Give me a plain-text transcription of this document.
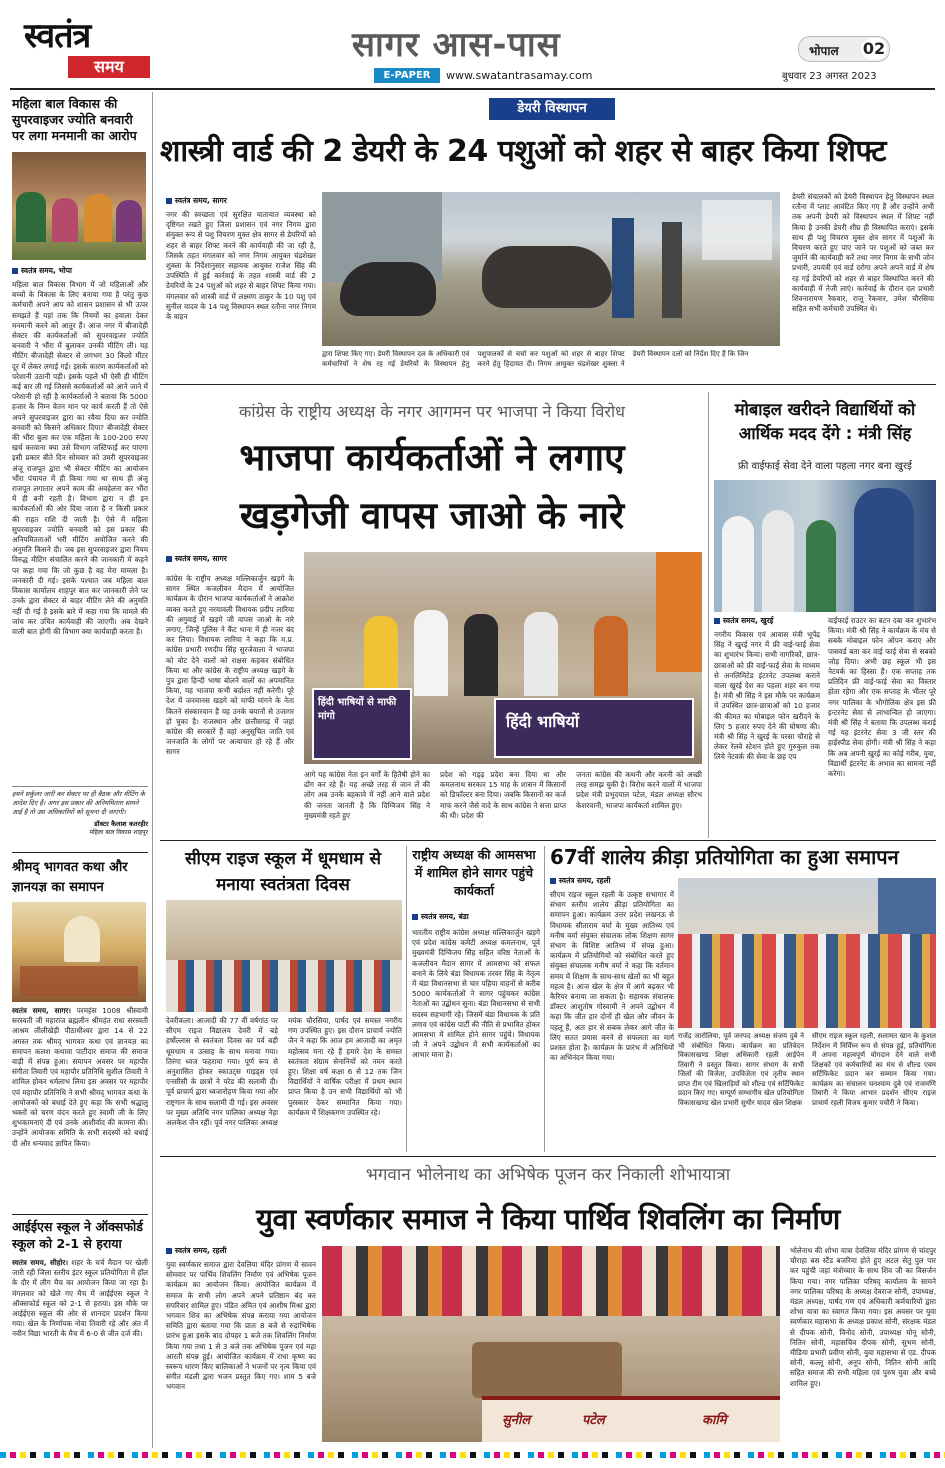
स्वतंत्र
समय
सागर आस-पास
E-PAPER	www.swatantrasamay.com
भोपाल 02
बुधवार 23 अगस्त 2023
महिला बाल विकास की सुपरवाइजर ज्योति बनवारी पर लगा मनमानी का आरोप
स्वतंत्र समय, भोपा
महिला बाल विकास विभाग में जो महिलाओं और बच्चों के विकास के लिए बनाया गया है परंतु कुछ कर्मचारी अपने आप को शासन प्रशासन से भी ऊपर समझते हैं यहां तक कि नियमों का हवाला देकर मनमानी करने को आतुर हैं। आज नगर में बीजादेही सेक्टर की कार्यकर्ताओं को सुपरवाइजर ज्योति बनवारी ने भौंरा में बुलाकर उनकी मीटिंग ली। यह मीटिंग बीजादेही सेक्टर से लगभग 30 किलो मीटर दूर में लेकर लगाई गई। इसके कारण कार्यकर्ताओं को परेशानी उठानी पड़ी। इसके पहले भी ऐसी ही मीटिंग कई बार ली गई जिससे कार्यकर्ताओं को आने जाने में परेशानी हो रही है कार्यकर्ताओं ने बताया कि 5000 हजार के निम्न वेतन मान पर कार्य करती हैं तो ऐसे अपने सुपरवाइजर द्वारा का रवैया दिया कर ज्योति बनवारी को किसने अधिकार दिया? बीजादेही सेक्टर की भौंरा बुला कर एक महिला के 100-200 रुपए खर्च करवाना क्या उसे विभाग जस्टिफाई कर पाएगा इसी प्रकार बीते दिन सोमवार को उमरी सुपरवाइजर अंजू राजपूत द्वारा भी सेक्टर मीटिंग का आयोजन भौंरा पंचायत में ही किया गया था साथ ही अंजू राजपूत लगातार अपने काम की अवहेलना कर भौंरा में ही बनी रहती है। विभाग द्वारा न ही इन कार्यकर्ताओं की ओर दिया जाता है न किसी प्रकार की राहत राशि दी जाती है। ऐसे में महिला सुपरवाइजर ज्योति बनवारी को इस प्रकार की अनियमितताओं भरी मीटिंग अयोजित करने की अनुमति किसने दी। जब इस सुपरवाइजर द्वारा नियम विरुद्ध मीटिंग संचालित करने की जानकारी में कहने पर कहा गया कि जो कुछ है वह मेरा मामला है। जनकारी दी गई। इसके पश्चात जब महिला बाल विकास कार्यालय शाहपुर बात कर जानकारी लेने पर उनके द्वारा सेक्टर से बाहर मीटिंग लेने की अनुमति नहीं दी गई है इसके बारे में कहा गया कि मामले की जांच कर उचित कार्यवाही की जाएगी। अब देखने वाली बात होगी की विभाग क्या कार्यवाही करता है।
हमने सर्कुलर जारी कर सेक्टर पर ही बैठक और मीटिंग के आदेश दिए हैं। अगर इस प्रकार की अनियमितता सामने आई है तो उस अधिकारियों को सूचना दी जाएगी।
डॉक्टर कैलाश कतरहीर
महिला बाल विकास शाहपुर
श्रीमद् भागवत कथा और ज्ञानयज्ञ का समापन
स्वतंत्र समय, सागर। परमहंस 1008 श्रीस्वामी सरस्वती जी महाराज ब्रह्मलीन श्रीमहंत राधा सरस्वती आश्रम लीलीखेड़ी पीठाधीश्वर द्वारा 14 से 22 अगस्त तक श्रीमद् भागवत कथा एवं ज्ञानयज्ञ का समापन कलश कथावा पाटीदार समाज की समाज वाड़ी में संपन्न हुआ। समापन अवसर पर महापौर संगीता तिवारी एवं महापौर प्रतिनिधि सुशील तिवारी ने शामिल होकर धर्मलाभ लिया इस अवसर पर महापौर एवं महापौर प्रतिनिधि ने सभी श्रीमद् भागवत कथा के आयोजकों को बधाई देते हुए कहा कि सभी श्रद्धालु भक्तों को चरण वंदन करते हुए स्वामी जी के लिए शुभकामनाएं दी एवं उनके आशीर्वाद की कामना की। उन्होंने आयोजक समिति के सभी सदस्यों को बधाई दी और धन्यवाद ज्ञापित किया।
आईईएस स्कूल ने ऑक्सफोर्ड स्कूल को 2-1 से हराया
स्वतंत्र समय, सीहोर। शहर के चर्च मैदान पर खेली जारी रही जिला स्तरीय इंटर स्कूल प्रतियोगिता में हॉल के दौर में लीग मैच का आयोजन किया जा रहा है। मंगलवार को खेले गए मैच में आईईएस स्कूल ने ऑक्सफोर्ड स्कूल को 2-1 से हराया। इस मौके पर आईईएस स्कूल की ओर से शानदार प्रदर्शन किया गया। खेल के निर्णायक नोवा तिवारी रहे और अंत में नवीन विद्या भारती के मैच में 6-0 से जीत दर्ज की।
डेयरी विस्थापन
शास्त्री वार्ड की 2 डेयरी के 24 पशुओं को शहर से बाहर किया शिफ्ट
स्वतंत्र समय, सागर
नगर की स्वच्छता एवं सुरक्षित यातायात व्यवस्था को दृष्टिगत रखते हुए जिला प्रशासन एवं नगर निगम द्वारा संयुक्त रूप से पशु विचरण मुक्त क्षेत्र सागर से डेयरियों को शहर से बाहर शिफ्ट करने की कार्यवाही की जा रही है, जिसके तहत मंगलवार को नगर निगम आयुक्त चंद्रशेखर शुक्ला के निर्देशानुसार सहायक आयुक्त राजेश सिंह की उपस्थिति में हुई कार्रवाई के तहत शास्त्री वार्ड की 2 डेयरियों के 24 पशुओं को शहर से बाहर शिफ्ट किया गया। मंगलवार को शास्त्री वार्ड में लक्ष्मण ठाकुर के 10 पशु एवं सुनील यादव के 14 पशु विस्थापन स्थल रतौना नगर निगम के वाहन
द्वारा शिफ्ट किए गए। डेयरी विस्थापन दल के अधिकारी एवं कर्मचारियों ने शेष रह गई डेयरियों के विस्थापन हेतु पशुपालकों से चर्चा कर पशुओं को शहर से बाहर शिफ्ट करने हेतु हिदायत दी। निगम आयुक्त चंद्रशेखर शुक्ला ने डेयरी विस्थापन दलों को निर्देश दिए हैं कि जिन
डेयरी संचालकों को डेयरी विस्थापन हेतु विस्थापन स्थल रतौना में प्लाट आवंटित किए गए हैं और उन्होंने अभी तक अपनी डेयरी को विस्थापन स्थल में शिफ्ट नहीं किया है उनकी डेयरी शीघ्र ही विस्थापित कराएं। इसके साथ ही पशु विचरण मुक्त क्षेत्र सागर में पशुओं के विचरण करते हुए पाए जाने पर पशुओं को जब्त कर जुर्माने की कार्यवाही करें तथा नगर निगम के सभी जोन प्रभारी, उपयंत्री एवं वार्ड दरोगा अपने अपने वार्ड में शेष रह गई डेयरियों को शहर से बाहर विस्थापित करने की कार्यवाही में तेजी लाएं। कार्रवाई के दौरान दल प्रभारी शिवनारायण रैकवार, राजू रैकवार, उमेश चौरसिया सहित सभी कर्मचारी उपस्थित थे।
कांग्रेस के राष्ट्रीय अध्यक्ष के नगर आगमन पर भाजपा ने किया विरोध
भाजपा कार्यकर्ताओं ने लगाए
खड़गेजी वापस जाओ के नारे
स्वतंत्र समय, सागर
कांग्रेस के राष्ट्रीय अध्यक्ष मल्लिकार्जुन खड़गे के सागर स्थित कजलीवन मैदान में आयोजित कार्यक्रम के दौरान भाजपा कार्यकर्ताओं ने आक्रोश व्यक्त करते हुए नरयावली विधायक प्रदीप लारिया की अगुवाई में खड़गे जी वापस जाओ के नारे लगाए, जिन्हें पुलिस ने कैंट थाना में ही नजर बंद कर लिया। विधायक लारिया ने कहा कि म.प्र. कांग्रेस प्रभारी रणदीप सिंह सुरजेवाला ने भाजपा को वोट देने वालों को राक्षस कहकर संबोधित किया था और कांग्रेस के राष्ट्रीय अध्यक्ष खड़गे के पुत्र द्वारा हिन्दी भाषा बोलने वालों का अपमानित किया, यह भाजपा कभी बर्दाश्त नहीं करेगी। पूरे देश में जनमानस खड़गे को माफी मांगने के नेता कितने संस्कारवान हैं यह उनके बयानों से उजागर हो चुका है। राजस्थान और छत्तीसगढ़ में जहां कांग्रेस की सरकारें हैं वहां अनुसूचित जाति एवं जनजाति के लोगों पर अत्याचार हो रहे हैं और सागर
हिंदी भाषियों से माफी मांगो	हिंदी भाषियों
आगे यह कांग्रेस नेता इन वर्गों के हितैषी होने का ढोंग कर रहे हैं। यह अच्छे तरह से जान लें की लोग अब उनके बहकावे में नहीं आने वाले प्रदेश की जनता जानती है कि दिग्विजय सिंह ने मुख्यमंत्री रहते हुए
प्रदेश को गड्ढ़ प्रदेश बना दिया था और कमलनाथ सरकार 15 माह के शासन में किसानों को डिफॉल्टर बना दिया। जबकि किसानों का कर्ज माफ करने जैसे वादे के साथ कांग्रेस ने सत्ता प्राप्त की थी। प्रदेश की
जनता कांग्रेस की कथनी और करनी को अच्छी तरह समझ चुकी है। विरोध करने वालों में भाजपा प्रदेश मंत्री प्रभुदयाल पटेल, मंडल अध्यक्ष सौरभ केशरवानी, भाजपा कार्यकर्ता शामिल हुए।
मोबाइल खरीदने विद्यार्थियों को आर्थिक मदद देंगे : मंत्री सिंह
फ्री वाईफाई सेवा देने वाला पहला नगर बना खुरई
स्वतंत्र समय, खुरई
नगरीय विकास एवं आवास मंत्री भूपेंद्र सिंह ने खुरई नगर में फ्री वाई-फाई सेवा का शुभारंभ किया। सभी नागरिकों, छात्र-छात्राओं को फ्री वाई-फाई सेवा के माध्यम से अनलिमिटेड इंटरनेट उपलब्ध कराने वाला खुरई देश का पहला शहर बन गया है। मंत्री श्री सिंह ने इस मौके पर कार्यक्रम में उपस्थित छात्र-छात्राओं को 10 हजार की कीमत का मोबाइल फोन खरीदने के लिए 5 हजार रुपए देने की घोषणा की। मंत्री श्री सिंह ने खुरई के परसा चौराहे से लेकर रेलवे स्टेशन होते हुए गुरुकुल तक लिये नेटवर्क की सेवा के छह एप
वाईफाई राउटर का बटन दबा कर शुभारंभ किया। मंत्री श्री सिंह ने कार्यक्रम के मंच से सबके मोबाइल फोन ओपन कराए और पासवर्ड बता कर वाई फाई सेवा से सबको जोड़ दिया। अभी छह स्कूल भी इस नेटवर्क का हिस्सा हैं। एक सप्ताह तक प्रतिदिन फ्री वाई-फाई सेवा का विस्तार होता रहेगा और एक सप्ताह के भीतर पूरे नगर पालिका के भौगोलिक क्षेत्र इस फ्री इन्टरनेट सेवा से लाभान्वित हो जाएगा। मंत्री श्री सिंह ने बताया कि उपलब्ध कराई गई यह इंटरनेट सेवा 3 जी स्तर की हाईस्पीड सेवा होगी। मंत्री श्री सिंह ने कहा कि अब अपनी खुरई का कोई गरीब, युवा, विद्यार्थी इंटरनेट के अभाव का सामना नहीं करेगा।
सीएम राइज स्कूल में धूमधाम से मनाया स्वतंत्रता दिवस
देवरीकला। आजादी की 77 वीं वर्षगांठ पर सीएम राइज विद्यालय देवरी में बड़े हर्षोल्लास से स्वतंत्रता दिवस का पर्व बड़ी धूमधाम व उत्साह के साथ मनाया गया। तिरंगा ध्वज फहराया गया। पूर्ण रूप से अनुशासित होकर स्काउट्स गाइड्स एवं एनसीसी के छात्रों ने परेड की सलामी दी। पूर्व प्राचार्य द्वारा ध्वजारोहण किया गया और राष्ट्रगान के साथ सलामी दी गई। इस अवसर पर मुख्य अतिथि नगर पालिका अध्यक्ष नेहा अलकेश जैन रहीं। पूर्व नगर पालिका अध्यक्ष
मयंक चौरसिया, पार्षद एवं समस्त नगरीय गण उपस्थित हुए। इस दौरान प्राचार्य ज्योति जैन ने कहा कि आज हम आजादी का अमृत महोत्सव मना रहे हैं हमारे देश के समस्त स्वतंत्रता संग्राम सेनानियों को नमन करते हुए। शिक्षा वर्ष कक्षा 6 से 12 तक जिन विद्यार्थियों ने वार्षिक परीक्षा में प्रथम स्थान प्राप्त किया है उन सभी विद्यार्थियों को भी पुरस्कार देकर सम्मानित किया गया। कार्यक्रम में शिक्षकगण उपस्थित रहे।
राष्ट्रीय अध्यक्ष की आमसभा में शामिल होने सागर पहुंचे कार्यकर्ता
स्वतंत्र समय, बंडा
भारतीय राष्ट्रीय कांग्रेस अध्यक्ष मल्लिकार्जुन खड़गे एवं प्रदेश कांग्रेस कमेटी अध्यक्ष कमलनाथ, पूर्व मुख्यमंत्री दिग्विजय सिंह सहित वरिष्ठ नेताओं के कजलीवन मैदान सागर में आमसभा को सफल बनाने के लिये बंडा विधायक तरवर सिंह के नेतृत्व में बंडा विधानसभा से चार पहिया वाहनों से करीब 5000 कार्यकर्ताओं ने सागर पहुंचकर कांग्रेस नेताओं का उद्बोधन सुना। बंडा विधानसभा से सभी सदस्य सहभागी रहे। जिसमें बंडा विधायक के प्रति लगाव एवं कांग्रेस पार्टी की नीति से प्रभावित होकर आमसभा में शामिल होने सागर पहुंचे। विधायक जी ने अपने उद्बोधन में सभी कार्यकर्ताओं का आभार माना है।
67वीं शालेय क्रीड़ा प्रतियोगिता का हुआ समापन
स्वतंत्र समय, रहली
सीएम राइज स्कूल रहली के उत्कृष्ट सभागार में संभाग स्तरीय शालेय क्रीड़ा प्रतियोगिता का समापन हुआ। कार्यक्रम उत्तर प्रदेश लखनऊ से विधायक सीताराम वर्मा के मुख्य आतिथ्य एवं मनीष वर्मा संयुक्त संचालक लोक शिक्षण सागर संभाग के विशिष्ट आतिथ्य में संपन्न हुआ। कार्यक्रम में प्रतियोगियों को संबोधित करते हुए संयुक्त संचालक मनीष वर्मा ने कहा कि वर्तमान समय में शिक्षण के साथ-साथ खेलों का भी बहुत महत्व है। आज खेल के क्षेत्र में आगे बढ़कर भी कैरियर बनाया जा सकता है। सहायक संचालक डॉक्टर आशुतोष गोस्वामी ने अपने उद्बोधन में कहा कि जीत हार दोनों ही खेल और जीवन के पहलू हैं, अतः हार से सबक लेकर आगे जीत के लिए सतत प्रयास करने से सफलता का मार्ग प्रशस्त होता है। कार्यक्रम के प्रारंभ में अतिथियों का अभिनंदन किया गया।
राजेंद्र जारोलिया, पूर्व जनपद अध्यक्ष संजय दुबे ने भी संबोधित किया। कार्यक्रम का प्रतिवेदन विकासखण्ड शिक्षा अधिकारी रहली आईपेन तिवारी ने प्रस्तुत किया। सागर संभाग के सभी जिलों की विजेता, उपविजेता एवं तृतीय स्थान प्राप्त टीम एवं खिलाड़ियों को शील्ड एवं सर्टिफिकेट प्रदान किए गए। सम्पूर्ण सम्भागीय खेल प्रतियोगिता विकासखण्ड खेल प्रभारी सुधीर यादव खेल शिक्षक
सीएम राइज स्कूल रहली, सलामत खान के कुशल निर्देशन में निर्विघ्न रूप से संपन्न हुई, प्रतियोगिता में अपना महत्वपूर्ण योगदान देने वाले सभी शिक्षकों एवं कर्मचारियों का मंच से शील्ड एवम सर्टिफिकेट प्रदान कर सम्मान किया गया। कार्यक्रम का संचालन घनश्याम दुबे एवं राजमणि तिवारी ने किया आभार प्रदर्शन सीएम राइज प्राचार्य रहली विजय कुमार पचौरी ने किया।
भगवान भोलेनाथ का अभिषेक पूजन कर निकाली शोभायात्रा
युवा स्वर्णकार समाज ने किया पार्थिव शिवलिंग का निर्माण
स्वतंत्र समय, रहली
युवा स्वर्णकार समाज द्वारा देवलिया मंदिर प्रांगण में सावन सोमवार पर पार्थिव शिवलिंग निर्माण एवं अभिषेक पूजन कार्यक्रम का आयोजन किया। आयोजित कार्यक्रम में समाज के सभी लोग अपने अपने प्रतिष्ठान बंद कर सपरिवार शामिल हुए। पंडित अमित एवं आशीष मिश्रा द्वारा भगवान शिव का अभिषेक संपन्न कराया गया आयोजन समिति द्वारा बताया गया कि प्रातः 8 बजे से रुद्राभिषेक प्रारंभ हुआ इसके बाद दोपहर 1 बजे तक शिवलिंग निर्माण किया गया तथा 1 से 3 बजे तक अभिषेक पूजन एवं महा आरती संपन्न हुई। आयोजित कार्यक्रम में राधा कृष्ण का स्वरूप धारण किए बालिकाओं ने भजनों पर नृत्य किया एवं संगीत मंडली द्वारा भजन प्रस्तुत किए गए। शाम 5 बजे भगवान
सुनील	पटेल	कामि
भोलेनाथ की शोभा यात्रा देवलिया मंदिर प्रांगण से चांदपुर चौराहा बस स्टैंड बजरिया होते हुए अटल सेतु पुल पार कर पहुंची जहां मंत्रोच्चार के साथ शिव जी का विसर्जन किया गया। नगर पालिका परिषद् कार्यालय के सामने नगर पालिका परिषद के अध्यक्ष देवराज सोनी, उपाध्यक्ष, मंडल अध्यक्ष, पार्षद गण एवं अधिकारी कर्मचारियों द्वारा शोभा यात्रा का स्वागत किया गया। इस अवसर पर युवा स्वर्णकार महासभा के अध्यक्ष प्रकाश सोनी, संरक्षक मंडल से दीपक सोनी, विनोद सोनी, उपाध्यक्ष मोनू सोनी, नितिन सोनी, महासचिव दीपक सोनी, सुभम सोनी, मीडिया प्रभारी प्रवीण सोनी, युवा महासभा से एड. दीपक सोनी, कल्लू सोनी, अनूप सोनी, नितिन सोनी आदि सहित समाज की सभी महिला एवं पुरुष युवा और बच्चे शामिल हुए।
